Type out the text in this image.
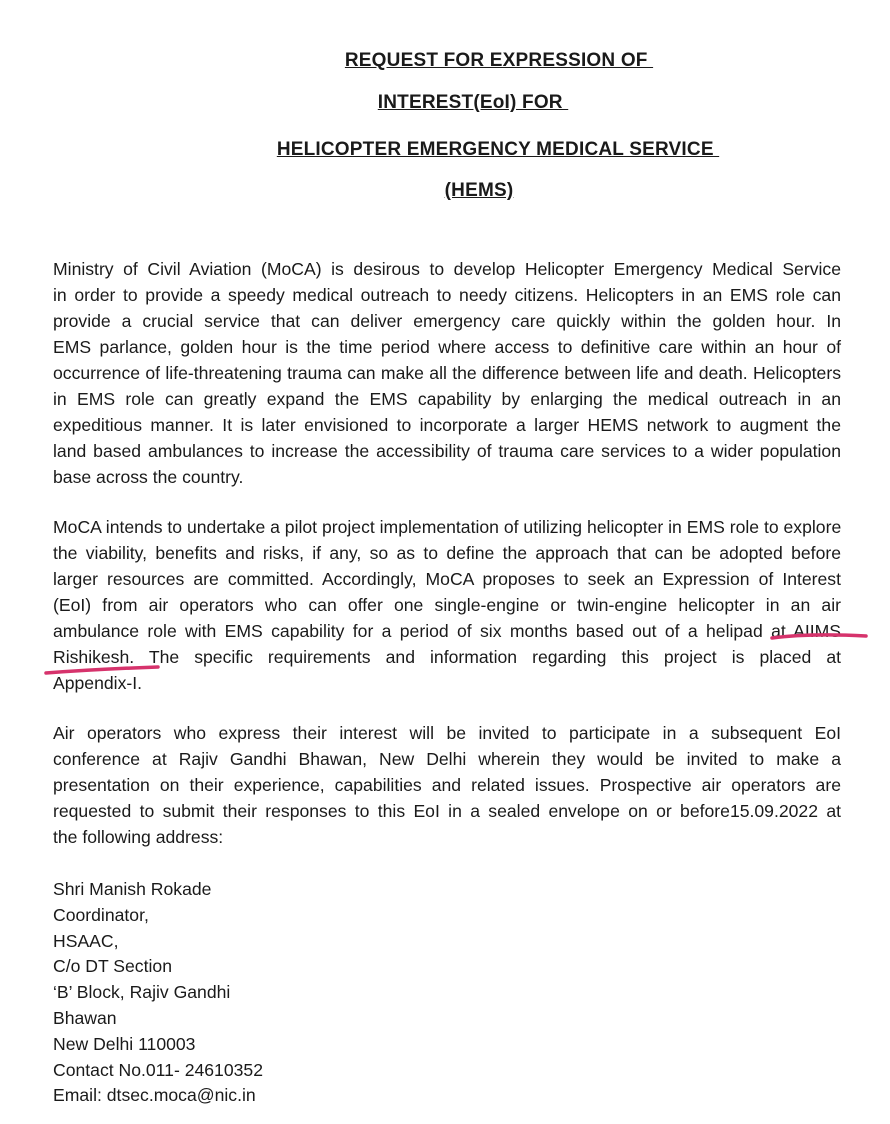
REQUEST FOR EXPRESSION OF
INTEREST(EoI) FOR
HELICOPTER EMERGENCY MEDICAL SERVICE
(HEMS)
Ministry of Civil Aviation (MoCA) is desirous to develop Helicopter Emergency Medical Service
in order to provide a speedy medical outreach to needy citizens. Helicopters in an EMS role can
provide a crucial service that can deliver emergency care quickly within the golden hour. In
EMS parlance, golden hour is the time period where access to definitive care within an hour of
occurrence of life-threatening trauma can make all the difference between life and death. Helicopters
in EMS role can greatly expand the EMS capability by enlarging the medical outreach in an
expeditious manner. It is later envisioned to incorporate a larger HEMS network to augment the
land based ambulances to increase the accessibility of trauma care services to a wider population
base across the country.
MoCA intends to undertake a pilot project implementation of utilizing helicopter in EMS role to explore
the viability, benefits and risks, if any, so as to define the approach that can be adopted before
larger resources are committed. Accordingly, MoCA proposes to seek an Expression of Interest
(EoI) from air operators who can offer one single-engine or twin-engine helicopter in an air
ambulance role with EMS capability for a period of six months based out of a helipad at AIIMS
Rishikesh. The specific requirements and information regarding this project is placed at
Appendix-I.
Air operators who express their interest will be invited to participate in a subsequent EoI
conference at Rajiv Gandhi Bhawan, New Delhi wherein they would be invited to make a
presentation on their experience, capabilities and related issues. Prospective air operators are
requested to submit their responses to this EoI in a sealed envelope on or before15.09.2022 at
the following address:
Shri Manish Rokade
Coordinator,
HSAAC,
C/o DT Section
‘B’ Block, Rajiv Gandhi
Bhawan
New Delhi 110003
Contact No.011- 24610352
Email: dtsec.moca@nic.in
